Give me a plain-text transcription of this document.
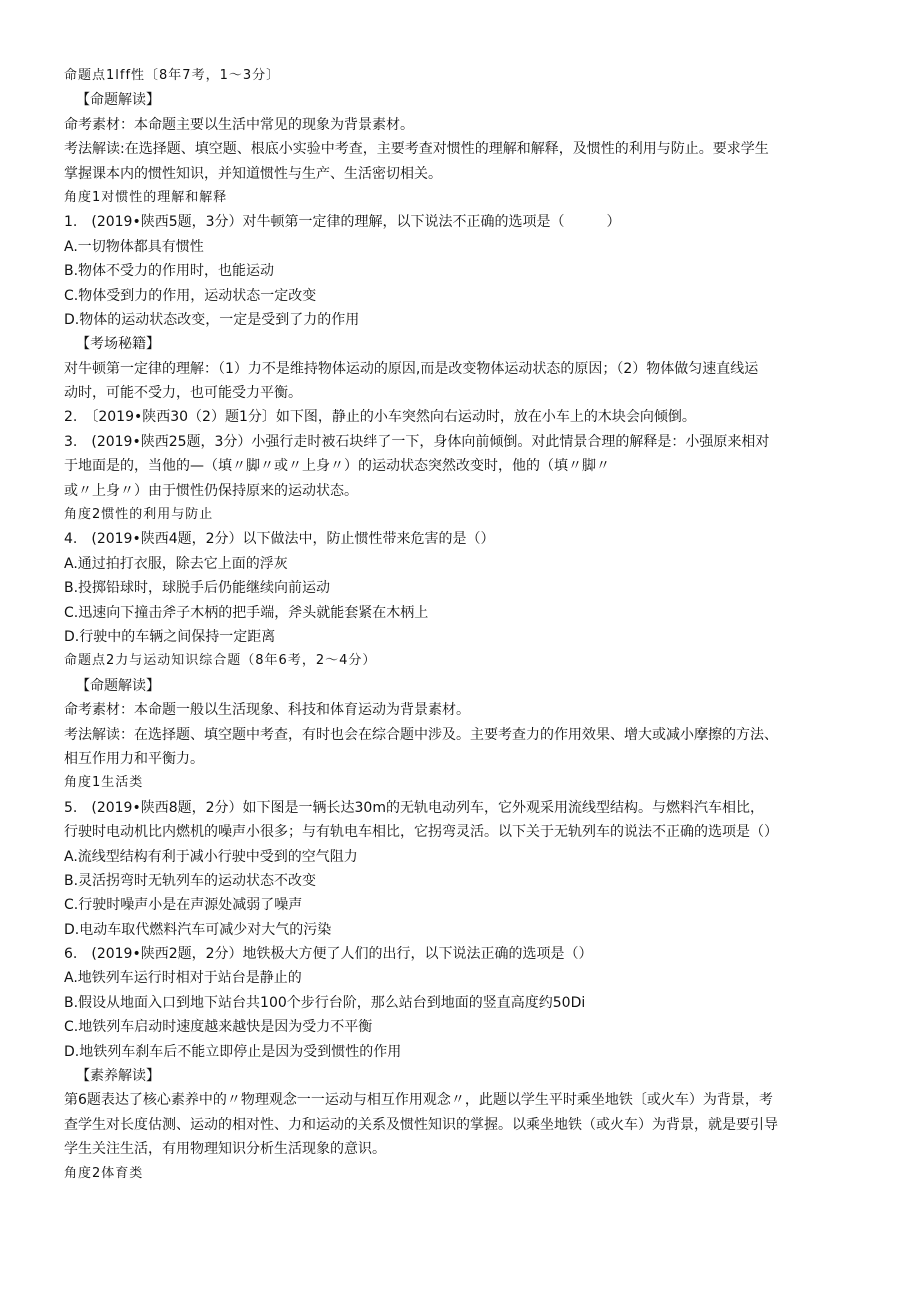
命题点1lff性〔8年7考，1～3分〕
【命题解读】
命考素材：本命题主要以生活中常见的现象为背景素材。
考法解读:在选择题、填空题、根底小实验中考查，主要考查对惯性的理解和解释，及惯性的利用与防止。要求学生
掌握课本内的惯性知识，并知道惯性与生产、生活密切相关。
角度1对惯性的理解和解释
1.　(2019•陕西5题，3分）对牛顿第一定律的理解，以下说法不正确的选项是（　　　）
A.一切物体都具有惯性
B.物体不受力的作用时，也能运动
C.物体受到力的作用，运动状态一定改变
D.物体的运动状态改变，一定是受到了力的作用
【考场秘籍】
对牛顿第一定律的理解：（1）力不是维持物体运动的原因,而是改变物体运动状态的原因；（2）物体做匀速直线运
动时，可能不受力，也可能受力平衡。
2.　〔2019•陕西30（2）题1分〕如下图，静止的小车突然向右运动时，放在小车上的木块会向倾倒。
3.　(2019•陕西25题，3分）小强行走时被石块绊了一下，身体向前倾倒。对此情景合理的解释是：小强原来相对
于地面是的，当他的—（填〃脚〃或〃上身〃）的运动状态突然改变时，他的（填〃脚〃
或〃上身〃）由于惯性仍保持原来的运动状态。
角度2惯性的利用与防止
4.　(2019•陕西4题，2分）以下做法中，防止惯性带来危害的是（）
A.通过拍打衣服，除去它上面的浮灰
B.投掷铅球时，球脱手后仍能继续向前运动
C.迅速向下撞击斧子木柄的把手端，斧头就能套紧在木柄上
D.行驶中的车辆之间保持一定距离
命题点2力与运动知识综合题（8年6考，2～4分）
【命题解读】
命考素材：本命题一般以生活现象、科技和体育运动为背景素材。
考法解读：在选择题、填空题中考查，有时也会在综合题中涉及。主要考查力的作用效果、增大或减小摩擦的方法、
相互作用力和平衡力。
角度1生活类
5.　(2019•陕西8题，2分）如下图是一辆长达30m的无轨电动列车，它外观采用流线型结构。与燃料汽车相比，
行驶时电动机比内燃机的噪声小很多；与有轨电车相比，它拐弯灵活。以下关于无轨列车的说法不正确的选项是（）
A.流线型结构有利于减小行驶中受到的空气阻力
B.灵活拐弯时无轨列车的运动状态不改变
C.行驶时噪声小是在声源处减弱了噪声
D.电动车取代燃料汽车可减少对大气的污染
6.　(2019•陕西2题，2分）地铁极大方便了人们的出行，以下说法正确的选项是（）
A.地铁列车运行时相对于站台是静止的
B.假设从地面入口到地下站台共100个步行台阶，那么站台到地面的竖直高度约50Di
C.地铁列车启动时速度越来越快是因为受力不平衡
D.地铁列车刹车后不能立即停止是因为受到惯性的作用
【素养解读】
第6题表达了核心素养中的〃物理观念一一运动与相互作用观念〃，此题以学生平时乘坐地铁〔或火车）为背景，考
查学生对长度估测、运动的相对性、力和运动的关系及惯性知识的掌握。以乘坐地铁（或火车）为背景，就是要引导
学生关注生活，有用物理知识分析生活现象的意识。
角度2体育类
